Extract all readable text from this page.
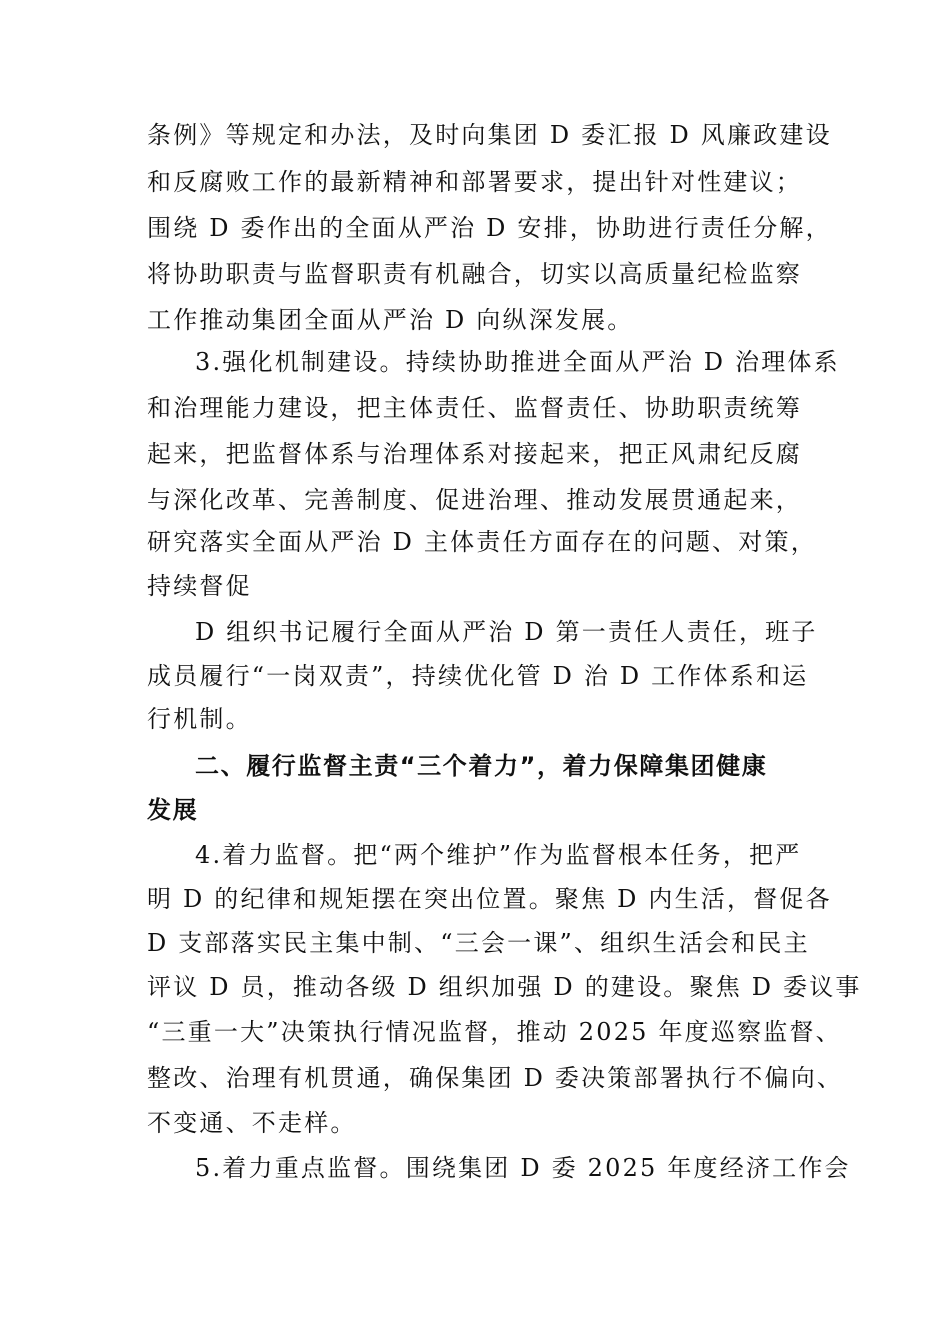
条例》等规定和办法，及时向集团 D 委汇报 D 风廉政建设
和反腐败工作的最新精神和部署要求，提出针对性建议；
围绕 D 委作出的全面从严治 D 安排，协助进行责任分解，
将协助职责与监督职责有机融合，切实以高质量纪检监察
工作推动集团全面从严治 D 向纵深发展。
3.强化机制建设。持续协助推进全面从严治 D 治理体系
和治理能力建设，把主体责任、监督责任、协助职责统筹
起来，把监督体系与治理体系对接起来，把正风肃纪反腐
与深化改革、完善制度、促进治理、推动发展贯通起来，
研究落实全面从严治 D 主体责任方面存在的问题、对策，
持续督促
D 组织书记履行全面从严治 D 第一责任人责任，班子
成员履行“一岗双责”，持续优化管 D 治 D 工作体系和运
行机制。
二、履行监督主责“三个着力”，着力保障集团健康
发展
4.着力监督。把“两个维护”作为监督根本任务，把严
明 D 的纪律和规矩摆在突出位置。聚焦 D 内生活，督促各
D 支部落实民主集中制、“三会一课”、组织生活会和民主
评议 D 员，推动各级 D 组织加强 D 的建设。聚焦 D 委议事
“三重一大”决策执行情况监督，推动 2025 年度巡察监督、
整改、治理有机贯通，确保集团 D 委决策部署执行不偏向、
不变通、不走样。
5.着力重点监督。围绕集团 D 委 2025 年度经济工作会
